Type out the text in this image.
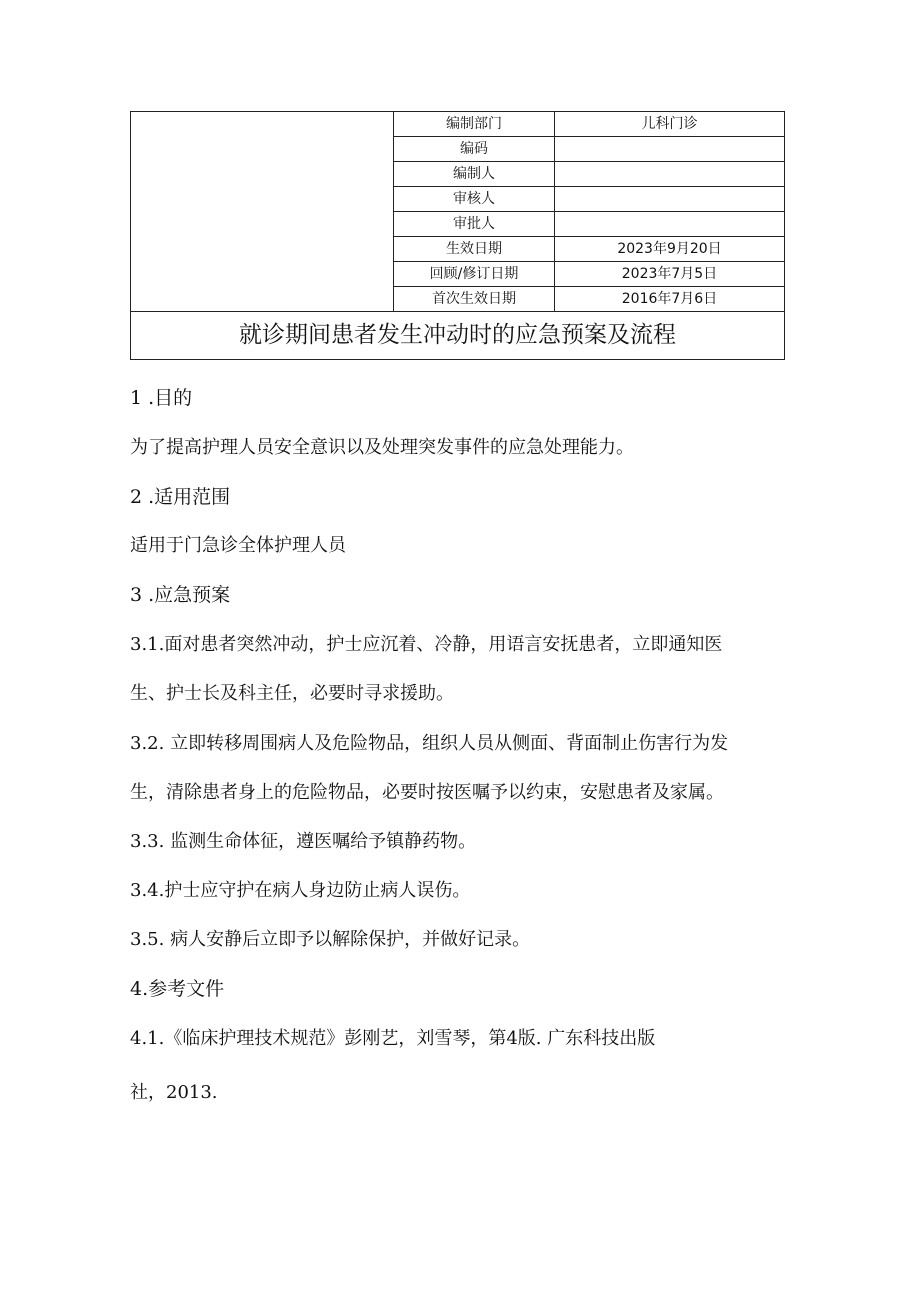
	编制部门	儿科门诊
	编码	
	编制人	
	审核人	
	审批人	
	生效日期	2023年9月20日
	回顾/修订日期	2023年7月5日
	首次生效日期	2016年7月6日
就诊期间患者发生冲动时的应急预案及流程		
1 .目的
为了提高护理人员安全意识以及处理突发事件的应急处理能力。
2 .适用范围
适用于门急诊全体护理人员
3 .应急预案
3.1.面对患者突然冲动，护士应沉着、冷静，用语言安抚患者，立即通知医
生、护士长及科主任，必要时寻求援助。
3.2. 立即转移周围病人及危险物品，组织人员从侧面、背面制止伤害行为发
生，清除患者身上的危险物品，必要时按医嘱予以约束，安慰患者及家属。
3.3. 监测生命体征，遵医嘱给予镇静药物。
3.4.护士应守护在病人身边防止病人误伤。
3.5. 病人安静后立即予以解除保护，并做好记录。
4.参考文件
4.1.《临床护理技术规范》彭刚艺，刘雪琴，第4版. 广东科技出版
社，2013.
